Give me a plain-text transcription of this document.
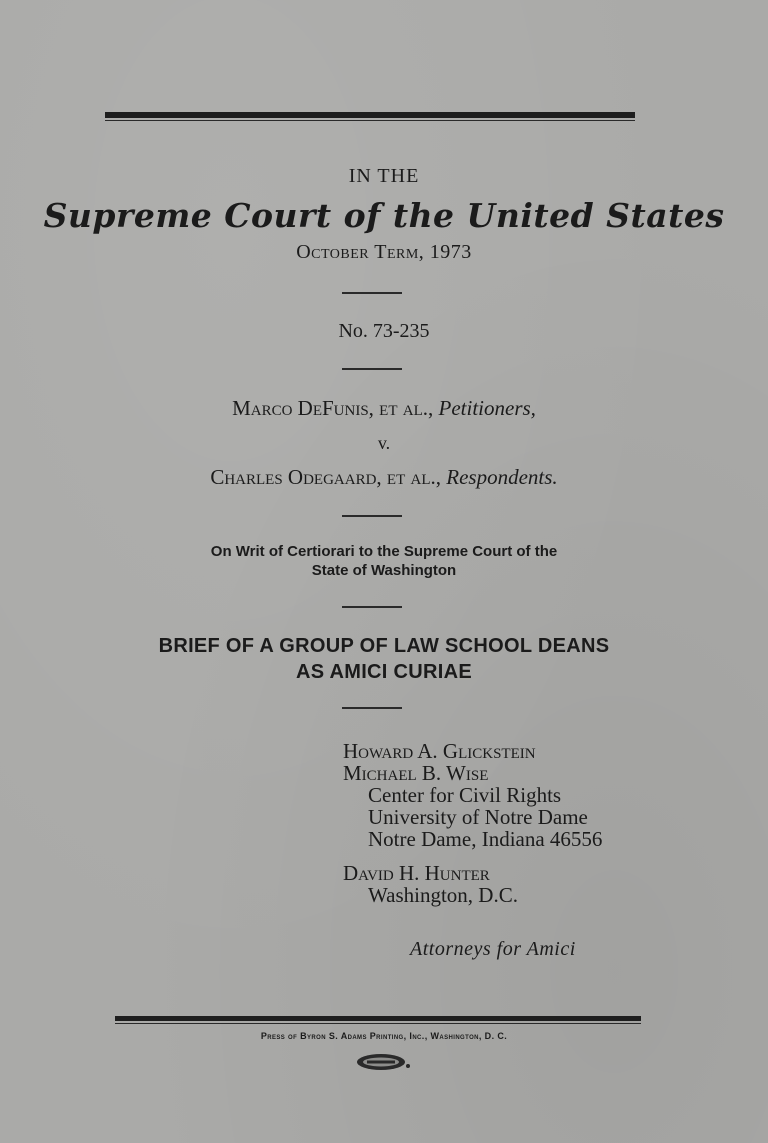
IN THE
Supreme Court of the United States
October Term, 1973
No. 73-235
Marco DeFunis, et al., Petitioners,
v.
Charles Odegaard, et al., Respondents.
On Writ of Certiorari to the Supreme Court of the
State of Washington
BRIEF OF A GROUP OF LAW SCHOOL DEANS
AS AMICI CURIAE
Howard A. Glickstein
Michael B. Wise
Center for Civil Rights
University of Notre Dame
Notre Dame, Indiana 46556
David H. Hunter
Washington, D.C.
Attorneys for Amici
Press of Byron S. Adams Printing, Inc., Washington, D. C.
